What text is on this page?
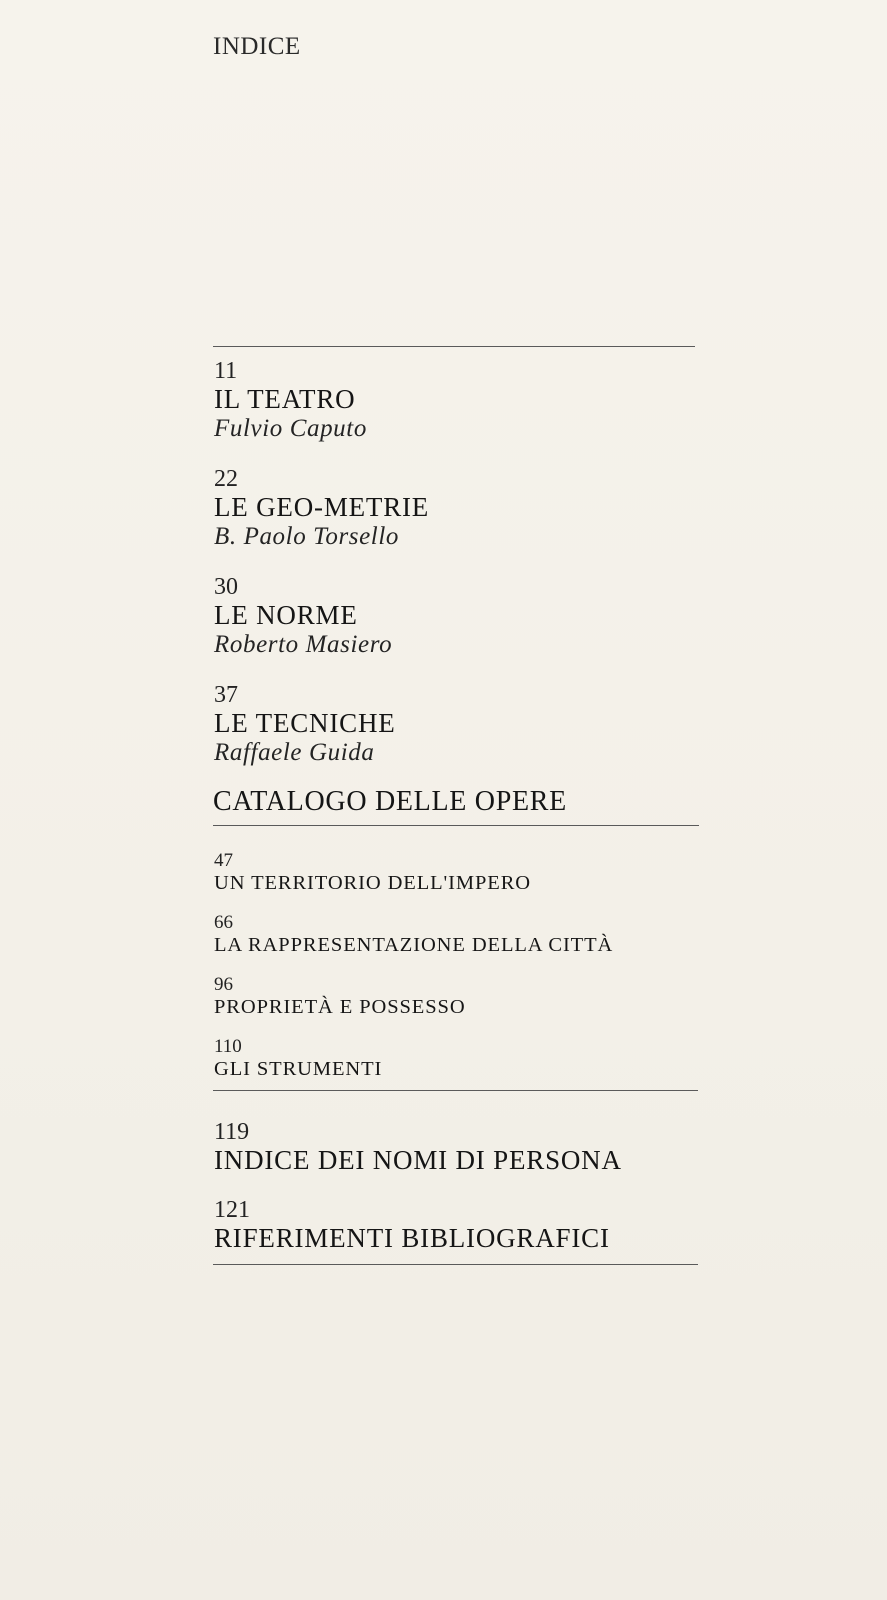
INDICE
11
IL TEATRO
Fulvio Caputo
22
LE GEO-METRIE
B. Paolo Torsello
30
LE NORME
Roberto Masiero
37
LE TECNICHE
Raffaele Guida
CATALOGO DELLE OPERE
47
UN TERRITORIO DELL'IMPERO
66
LA RAPPRESENTAZIONE DELLA CITTÀ
96
PROPRIETÀ E POSSESSO
110
GLI STRUMENTI
119
INDICE DEI NOMI DI PERSONA
121
RIFERIMENTI BIBLIOGRAFICI
